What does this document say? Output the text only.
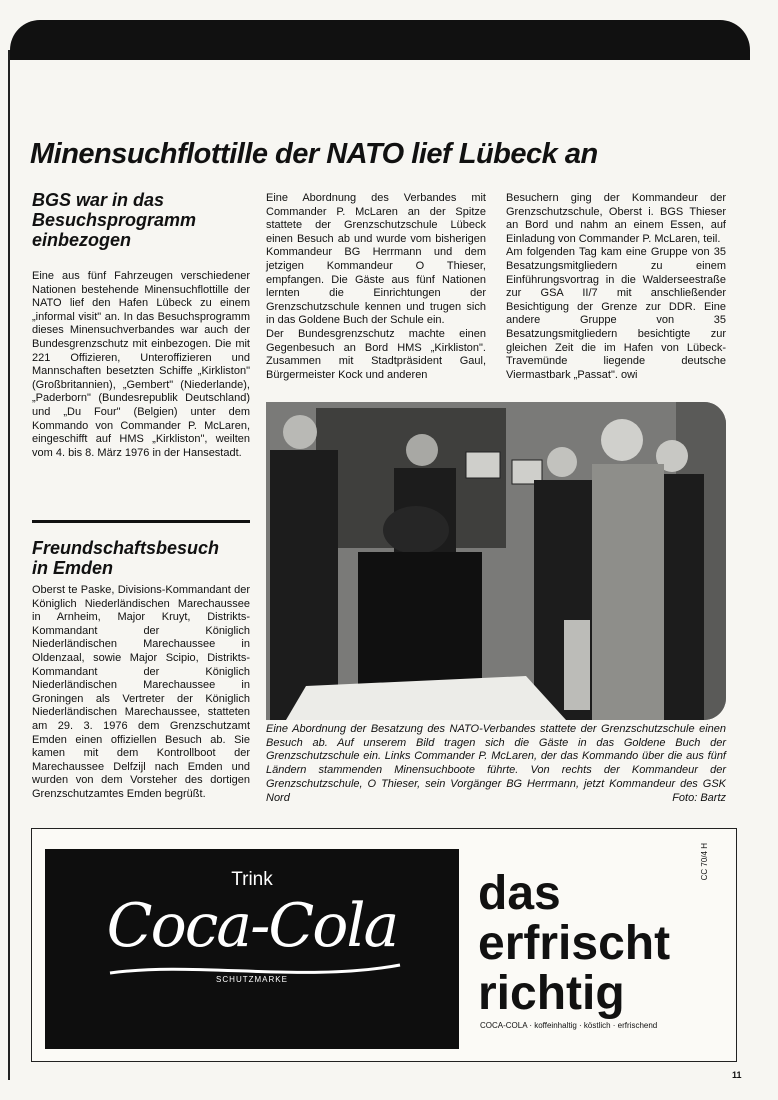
Minensuchflottille der NATO lief Lübeck an
BGS war in das
Besuchsprogramm
einbezogen

Eine aus fünf Fahrzeugen verschiedener Nationen bestehende Minensuchflottille der NATO lief den Hafen Lübeck zu einem „informal visit" an. In das Besuchsprogramm dieses Minensuchverbandes war auch der Bundesgrenzschutz mit einbezogen. Die mit 221 Offizieren, Unteroffizieren und Mannschaften besetzten Schiffe „Kirkliston" (Großbritannien), „Gembert" (Niederlande), „Paderborn" (Bundesrepublik Deutschland) und „Du Four" (Belgien) unter dem Kommando von Commander P. McLaren, eingeschifft auf HMS „Kirkliston", weilten vom 4. bis 8. März 1976 in der Hansestadt.

Freundschaftsbesuch
in Emden

Oberst te Paske, Divisions-Kommandant der Königlich Niederländischen Marechaussee in Arnheim, Major Kruyt, Distrikts-Kommandant der Königlich Niederländischen Marechaussee in Oldenzaal, sowie Major Scipio, Distrikts-Kommandant der Königlich Niederländischen Marechaussee in Groningen als Vertreter der Königlich Niederländischen Marechaussee, statteten am 29. 3. 1976 dem Grenzschutzamt Emden einen offiziellen Besuch ab. Sie kamen mit dem Kontrollboot der Marechaussee Delfzijl nach Emden und wurden von dem Vorsteher des dortigen Grenzschutzamtes Emden begrüßt.

Eine Abordnung des Verbandes mit Commander P. McLaren an der Spitze stattete der Grenzschutzschule Lübeck einen Besuch ab und wurde vom bisherigen Kommandeur BG Herrmann und dem jetzigen Kommandeur O Thieser, empfangen. Die Gäste aus fünf Nationen lernten die Einrichtungen der Grenzschutzschule kennen und trugen sich in das Goldene Buch der Schule ein.

Der Bundesgrenzschutz machte einen Gegenbesuch an Bord HMS „Kirkliston". Zusammen mit Stadtpräsident Gaul, Bürgermeister Kock und anderen

Besuchern ging der Kommandeur der Grenzschutzschule, Oberst i. BGS Thieser an Bord und nahm an einem Essen, auf Einladung von Commander P. McLaren, teil.

Am folgenden Tag kam eine Gruppe von 35 Besatzungsmitgliedern zu einem Einführungsvortrag in die Walderseestraße zur GSA II/7 mit anschließender Besichtigung der Grenze zur DDR. Eine andere Gruppe von 35 Besatzungsmitgliedern besichtigte zur gleichen Zeit die im Hafen von Lübeck-Travemünde liegende deutsche Viermastbark „Passat". owi

Eine Abordnung der Besatzung des NATO-Verbandes stattete der Grenzschutzschule einen Besuch ab. Auf unserem Bild tragen sich die Gäste in das Goldene Buch der Grenzschutzschule ein. Links Commander P. McLaren, der das Kommando über die aus fünf Ländern stammenden Minensuchboote führte. Von rechts der Kommandeur der Grenzschutzschule, O Thieser, sein Vorgänger BG Herrmann, jetzt Kommandeur des GSK Nord	Foto: Bartz

Trink
Coca-Cola
SCHUTZMARKE
das
erfrischt
richtig
COCA-COLA · koffeinhaltig · köstlich · erfrischend
CC 70/4 H
11
